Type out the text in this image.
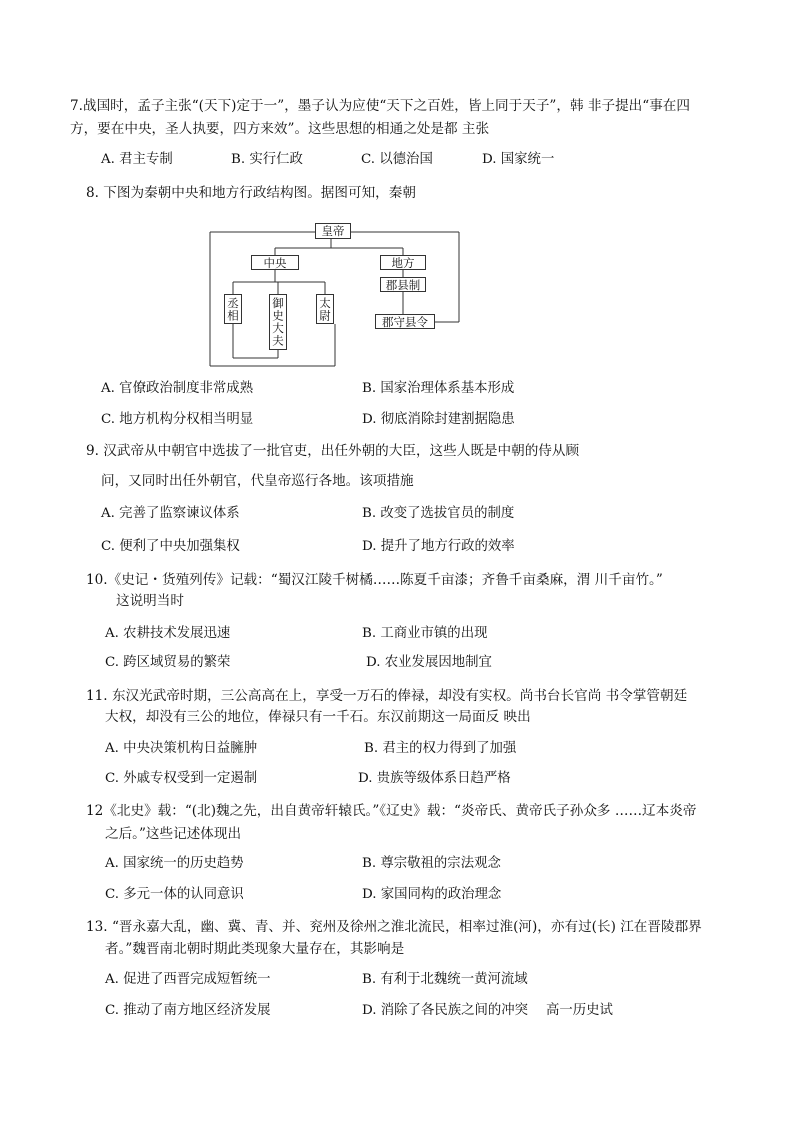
7.战国时，孟子主张“(天下)定于一”，墨子认为应使“天下之百姓，皆上同于天子”，韩 非子提出“事在四
方，要在中央，圣人执要，四方来效”。这些思想的相通之处是都 主张
A. 君主专制	B. 实行仁政	C. 以德治国	D. 国家统一
8. 下图为秦朝中央和地方行政结构图。据图可知，秦朝
皇帝
中央	地方
丞相	御史大夫	太尉
郡县制
郡守县令
A. 官僚政治制度非常成熟	B. 国家治理体系基本形成
C. 地方机构分权相当明显	D. 彻底消除封建割据隐患
9. 汉武帝从中朝官中选拔了一批官吏，出任外朝的大臣，这些人既是中朝的侍从顾
问，又同时出任外朝官，代皇帝巡行各地。该项措施
A. 完善了监察谏议体系	B. 改变了选拔官员的制度
C. 便利了中央加强集权	D. 提升了地方行政的效率
10.《史记・货殖列传》记载：“蜀汉江陵千树橘……陈夏千亩漆；齐鲁千亩桑麻，渭 川千亩竹。”
这说明当时
A. 农耕技术发展迅速	B. 工商业市镇的出现
C. 跨区域贸易的繁荣	D. 农业发展因地制宜
11. 东汉光武帝时期，三公高高在上，享受一万石的俸禄，却没有实权。尚书台长官尚 书令掌管朝廷
大权，却没有三公的地位，俸禄只有一千石。东汉前期这一局面反 映出
A. 中央决策机构日益臃肿	B. 君主的权力得到了加强
C. 外戚专权受到一定遏制	D. 贵族等级体系日趋严格
12《北史》载：“(北)魏之先，出自黄帝轩辕氏。”《辽史》载：“炎帝氏、黄帝氏子孙众多 ……辽本炎帝
之后。”这些记述体现出
A. 国家统一的历史趋势	B. 尊宗敬祖的宗法观念
C. 多元一体的认同意识	D. 家国同构的政治理念
13. “晋永嘉大乱，幽、冀、青、并、兖州及徐州之淮北流民，相率过淮(河)，亦有过(长) 江在晋陵郡界
者。”魏晋南北朝时期此类现象大量存在，其影响是
A. 促进了西晋完成短暂统一	B. 有利于北魏统一黄河流域
C. 推动了南方地区经济发展	D. 消除了各民族之间的冲突 高一历史试
